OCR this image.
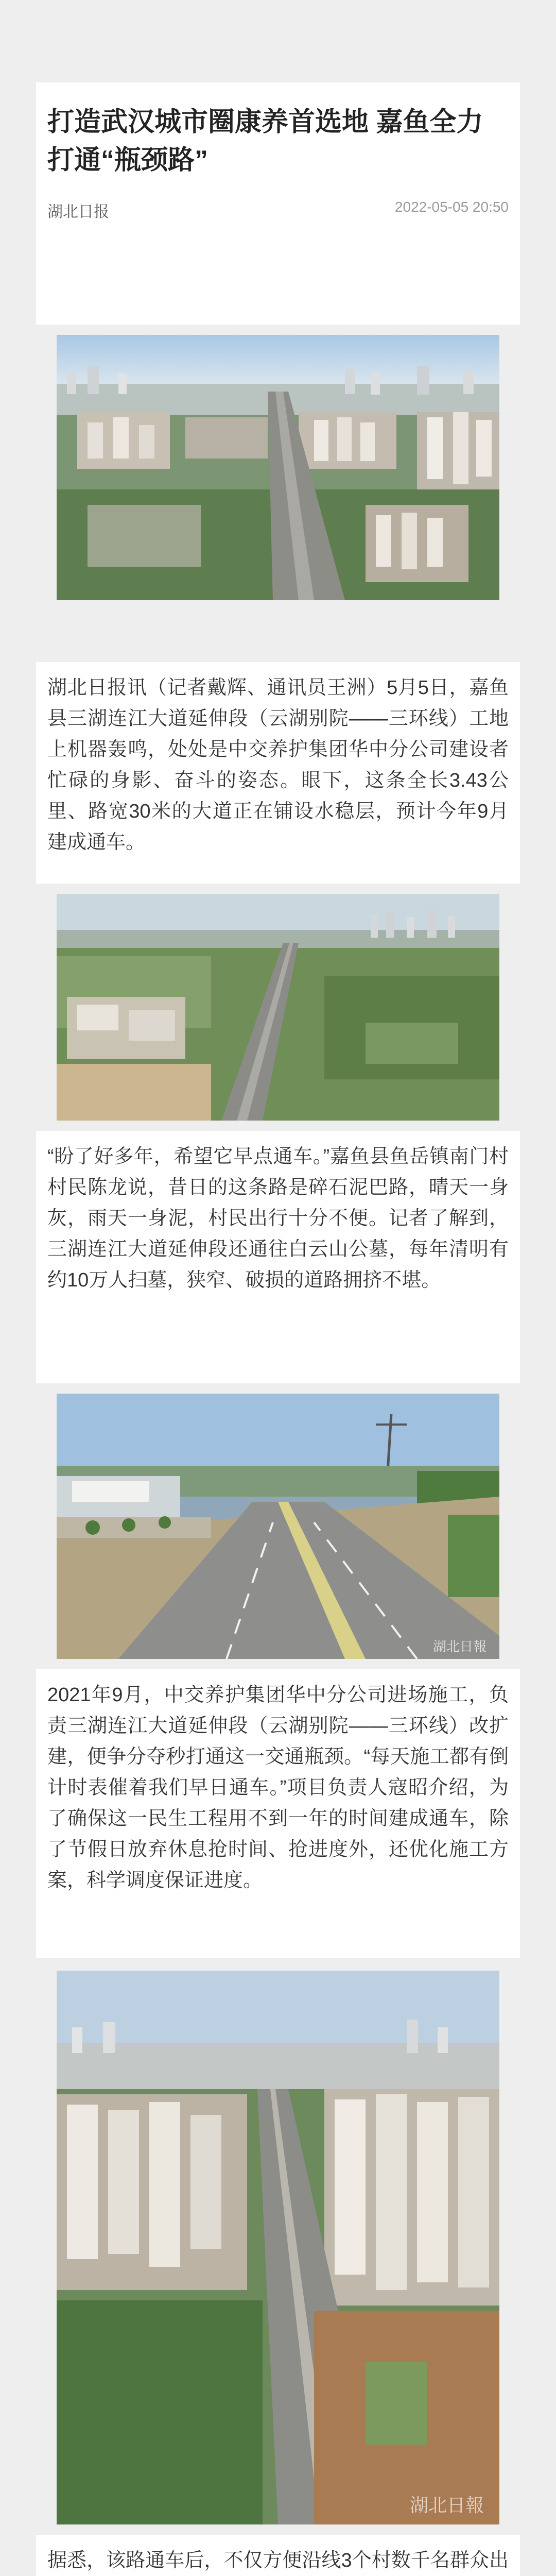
打造武汉城市圈康养首选地 嘉鱼全力打通“瓶颈路”
湖北日报	2022-05-05 20:50

湖北日报讯（记者戴辉、通讯员王洲）5月5日，嘉鱼县三湖连江大道延伸段（云湖别院——三环线）工地上机器轰鸣，处处是中交养护集团华中分公司建设者忙碌的身影、奋斗的姿态。眼下，这条全长3.43公里、路宽30米的大道正在铺设水稳层，预计今年9月建成通车。

“盼了好多年，希望它早点通车。”嘉鱼县鱼岳镇南门村村民陈龙说，昔日的这条路是碎石泥巴路，晴天一身灰，雨天一身泥，村民出行十分不便。记者了解到，三湖连江大道延伸段还通往白云山公墓，每年清明有约10万人扫墓，狭窄、破损的道路拥挤不堪。

2021年9月，中交养护集团华中分公司进场施工，负责三湖连江大道延伸段（云湖别院——三环线）改扩建，便争分夺秒打通这一交通瓶颈。“每天施工都有倒计时表催着我们早日通车。”项目负责人寇昭介绍，为了确保这一民生工程用不到一年的时间建成通车，除了节假日放弃休息抢时间、抢进度外，还优化施工方案，科学调度保证进度。

据悉，该路通车后，不仅方便沿线3个村数千名群众出

湖北日報
湖北日報
